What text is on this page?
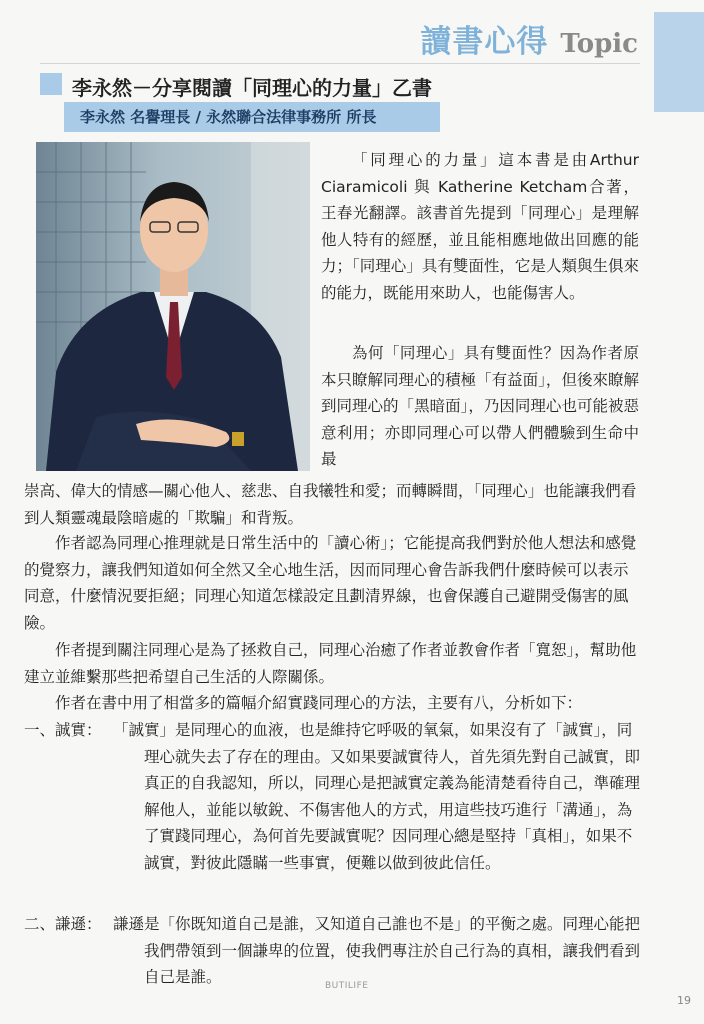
讀書心得 Topic
李永然－分享閱讀「同理心的力量」乙書
李永然 名譽理長 / 永然聯合法律事務所 所長
「同理心的力量」這本書是由Arthur Ciaramicoli 與 Katherine Ketcham合著，王春光翻譯。該書首先提到「同理心」是理解他人特有的經歷，並且能相應地做出回應的能力；「同理心」具有雙面性，它是人類與生俱來的能力，既能用來助人，也能傷害人。
為何「同理心」具有雙面性？因為作者原本只瞭解同理心的積極「有益面」，但後來瞭解到同理心的「黑暗面」，乃因同理心也可能被惡意利用；亦即同理心可以帶人們體驗到生命中最
崇高、偉大的情感—關心他人、慈悲、自我犧牲和愛；而轉瞬間，「同理心」也能讓我們看到人類靈魂最陰暗處的「欺騙」和背叛。
作者認為同理心推理就是日常生活中的「讀心術」；它能提高我們對於他人想法和感覺的覺察力，讓我們知道如何全然又全心地生活，因而同理心會告訴我們什麼時候可以表示同意，什麼情況要拒絕；同理心知道怎樣設定且劃清界線，也會保護自己避開受傷害的風險。
作者提到關注同理心是為了拯救自己，同理心治癒了作者並教會作者「寬恕」，幫助他建立並維繫那些把希望自己生活的人際關係。
作者在書中用了相當多的篇幅介紹實踐同理心的方法，主要有八，分析如下：
一、誠實： 「誠實」是同理心的血液，也是維持它呼吸的氧氣，如果沒有了「誠實」，同理心就失去了存在的理由。又如果要誠實待人，首先須先對自己誠實，即真正的自我認知，所以，同理心是把誠實定義為能清楚看待自己，準確理解他人，並能以敏銳、不傷害他人的方式，用這些技巧進行「溝通」，為了實踐同理心，為何首先要誠實呢？因同理心總是堅持「真相」，如果不誠實，對彼此隱瞞一些事實，便難以做到彼此信任。
二、謙遜： 謙遜是「你既知道自己是誰，又知道自己誰也不是」的平衡之處。同理心能把我們帶領到一個謙卑的位置，使我們專注於自己行為的真相，讓我們看到自己是誰。	BUTILIFE
19
